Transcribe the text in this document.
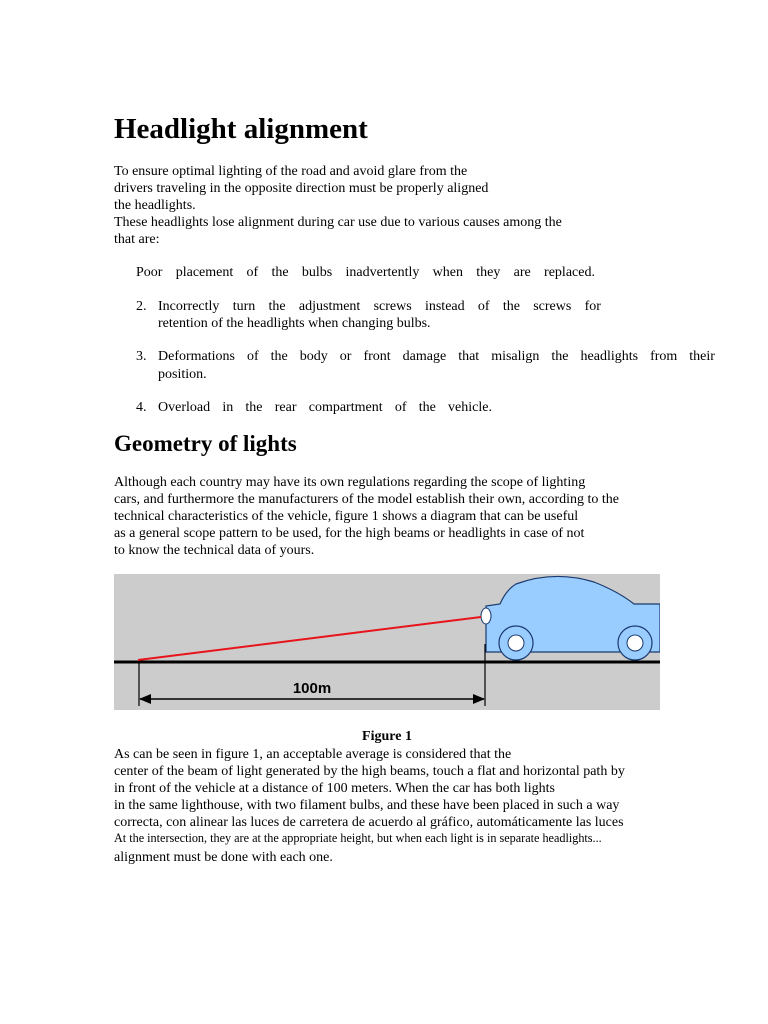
Headlight alignment
To ensure optimal lighting of the road and avoid glare from the
drivers traveling in the opposite direction must be properly aligned
the headlights.
These headlights lose alignment during car use due to various causes among the
that are:
Poor placement of the bulbs inadvertently when they are replaced.
2. Incorrectly turn the adjustment screws instead of the screws for
retention of the headlights when changing bulbs.
3. Deformations of the body or front damage that misalign the headlights from their
position.
4. Overload in the rear compartment of the vehicle.
Geometry of lights
Although each country may have its own regulations regarding the scope of lighting
cars, and furthermore the manufacturers of the model establish their own, according to the
technical characteristics of the vehicle, figure 1 shows a diagram that can be useful
as a general scope pattern to be used, for the high beams or headlights in case of not
to know the technical data of yours.
100m
Figure 1
As can be seen in figure 1, an acceptable average is considered that the
center of the beam of light generated by the high beams, touch a flat and horizontal path by
in front of the vehicle at a distance of 100 meters. When the car has both lights
in the same lighthouse, with two filament bulbs, and these have been placed in such a way
correcta, con alinear las luces de carretera de acuerdo al gráfico, automáticamente las luces
At the intersection, they are at the appropriate height, but when each light is in separate headlights...
alignment must be done with each one.
